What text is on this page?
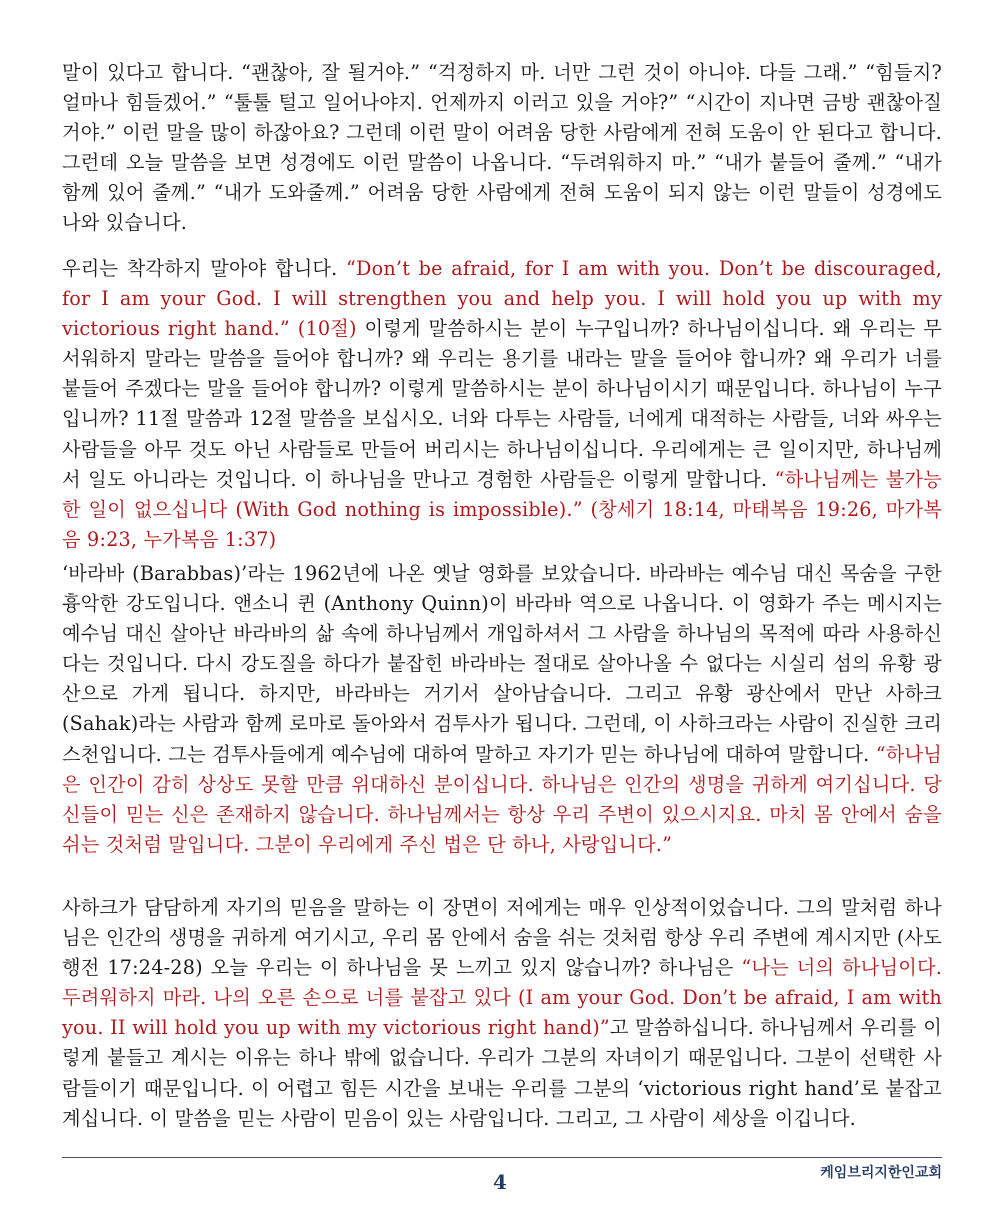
말이 있다고 합니다. “괜찮아, 잘 될거야.” “걱정하지 마. 너만 그런 것이 아니야. 다들 그래.” “힘들지? 얼마나 힘들겠어.” “툴툴 털고 일어나야지. 언제까지 이러고 있을 거야?” “시간이 지나면 금방 괜찮아질 거야.” 이런 말을 많이 하잖아요? 그런데 이런 말이 어려움 당한 사람에게 전혀 도움이 안 된다고 합니다. 그런데 오늘 말씀을 보면 성경에도 이런 말씀이 나옵니다. “두려워하지 마.” “내가 붙들어 줄께.” “내가 함께 있어 줄께.” “내가 도와줄께.” 어려움 당한 사람에게 전혀 도움이 되지 않는 이런 말들이 성경에도 나와 있습니다.

우리는 착각하지 말아야 합니다. “Don’t be afraid, for I am with you. Don’t be discouraged, for I am your God. I will strengthen you and help you. I will hold you up with my victorious right hand.” (10절) 이렇게 말씀하시는 분이 누구입니까? 하나님이십니다. 왜 우리는 무서워하지 말라는 말씀을 들어야 합니까? 왜 우리는 용기를 내라는 말을 들어야 합니까? 왜 우리가 너를 붙들어 주겠다는 말을 들어야 합니까? 이렇게 말씀하시는 분이 하나님이시기 때문입니다. 하나님이 누구입니까? 11절 말씀과 12절 말씀을 보십시오. 너와 다투는 사람들, 너에게 대적하는 사람들, 너와 싸우는 사람들을 아무 것도 아닌 사람들로 만들어 버리시는 하나님이십니다. 우리에게는 큰 일이지만, 하나님께서 일도 아니라는 것입니다. 이 하나님을 만나고 경험한 사람들은 이렇게 말합니다. “하나님께는 불가능한 일이 없으십니다 (With God nothing is impossible).” (창세기 18:14, 마태복음 19:26, 마가복음 9:23, 누가복음 1:37)

‘바라바 (Barabbas)’라는 1962년에 나온 옛날 영화를 보았습니다. 바라바는 예수님 대신 목숨을 구한 흉악한 강도입니다. 앤소니 퀸 (Anthony Quinn)이 바라바 역으로 나옵니다. 이 영화가 주는 메시지는 예수님 대신 살아난 바라바의 삶 속에 하나님께서 개입하셔서 그 사람을 하나님의 목적에 따라 사용하신다는 것입니다. 다시 강도질을 하다가 붙잡힌 바라바는 절대로 살아나올 수 없다는 시실리 섬의 유황 광산으로 가게 됩니다. 하지만, 바라바는 거기서 살아남습니다. 그리고 유황 광산에서 만난 사하크 (Sahak)라는 사람과 함께 로마로 돌아와서 검투사가 됩니다. 그런데, 이 사하크라는 사람이 진실한 크리스천입니다. 그는 검투사들에게 예수님에 대하여 말하고 자기가 믿는 하나님에 대하여 말합니다. “하나님은 인간이 감히 상상도 못할 만큼 위대하신 분이십니다. 하나님은 인간의 생명을 귀하게 여기십니다. 당신들이 믿는 신은 존재하지 않습니다. 하나님께서는 항상 우리 주변이 있으시지요. 마치 몸 안에서 숨을 쉬는 것처럼 말입니다. 그분이 우리에게 주신 법은 단 하나, 사랑입니다.”

사하크가 담담하게 자기의 믿음을 말하는 이 장면이 저에게는 매우 인상적이었습니다. 그의 말처럼 하나님은 인간의 생명을 귀하게 여기시고, 우리 몸 안에서 숨을 쉬는 것처럼 항상 우리 주변에 계시지만 (사도행전 17:24-28) 오늘 우리는 이 하나님을 못 느끼고 있지 않습니까? 하나님은 “나는 너의 하나님이다. 두려워하지 마라. 나의 오른 손으로 너를 붙잡고 있다 (I am your God. Don’t be afraid, I am with you. II will hold you up with my victorious right hand)”고 말씀하십니다. 하나님께서 우리를 이렇게 붙들고 계시는 이유는 하나 밖에 없습니다. 우리가 그분의 자녀이기 때문입니다. 그분이 선택한 사람들이기 때문입니다. 이 어렵고 힘든 시간을 보내는 우리를 그분의 ‘victorious right hand’로 붙잡고 계십니다. 이 말씀을 믿는 사람이 믿음이 있는 사람입니다. 그리고, 그 사람이 세상을 이깁니다.

4	케임브리지한인교회
